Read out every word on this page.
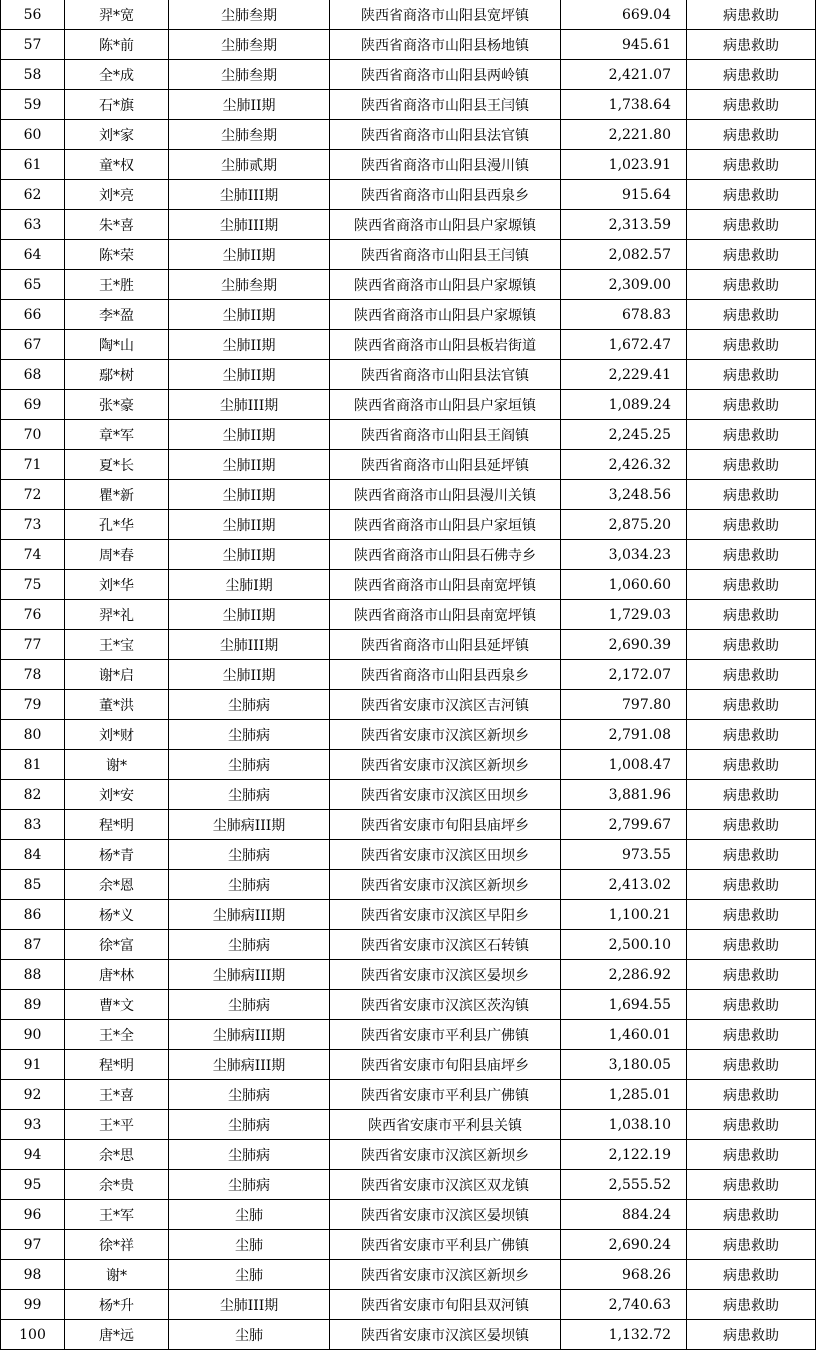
56	羿*宽	尘肺叁期	陕西省商洛市山阳县宽坪镇	669.04	病患救助
57	陈*前	尘肺叁期	陕西省商洛市山阳县杨地镇	945.61	病患救助
58	全*成	尘肺叁期	陕西省商洛市山阳县两岭镇	2,421.07	病患救助
59	石*旗	尘肺II期	陕西省商洛市山阳县王闫镇	1,738.64	病患救助
60	刘*家	尘肺叁期	陕西省商洛市山阳县法官镇	2,221.80	病患救助
61	童*权	尘肺贰期	陕西省商洛市山阳县漫川镇	1,023.91	病患救助
62	刘*亮	尘肺III期	陕西省商洛市山阳县西泉乡	915.64	病患救助
63	朱*喜	尘肺III期	陕西省商洛市山阳县户家塬镇	2,313.59	病患救助
64	陈*荣	尘肺II期	陕西省商洛市山阳县王闫镇	2,082.57	病患救助
65	王*胜	尘肺叁期	陕西省商洛市山阳县户家塬镇	2,309.00	病患救助
66	李*盈	尘肺II期	陕西省商洛市山阳县户家塬镇	678.83	病患救助
67	陶*山	尘肺II期	陕西省商洛市山阳县板岩街道	1,672.47	病患救助
68	鄢*树	尘肺II期	陕西省商洛市山阳县法官镇	2,229.41	病患救助
69	张*豪	尘肺III期	陕西省商洛市山阳县户家垣镇	1,089.24	病患救助
70	章*军	尘肺II期	陕西省商洛市山阳县王阎镇	2,245.25	病患救助
71	夏*长	尘肺II期	陕西省商洛市山阳县延坪镇	2,426.32	病患救助
72	瞿*新	尘肺II期	陕西省商洛市山阳县漫川关镇	3,248.56	病患救助
73	孔*华	尘肺II期	陕西省商洛市山阳县户家垣镇	2,875.20	病患救助
74	周*春	尘肺II期	陕西省商洛市山阳县石佛寺乡	3,034.23	病患救助
75	刘*华	尘肺I期	陕西省商洛市山阳县南宽坪镇	1,060.60	病患救助
76	羿*礼	尘肺II期	陕西省商洛市山阳县南宽坪镇	1,729.03	病患救助
77	王*宝	尘肺III期	陕西省商洛市山阳县延坪镇	2,690.39	病患救助
78	谢*启	尘肺II期	陕西省商洛市山阳县西泉乡	2,172.07	病患救助
79	董*洪	尘肺病	陕西省安康市汉滨区吉河镇	797.80	病患救助
80	刘*财	尘肺病	陕西省安康市汉滨区新坝乡	2,791.08	病患救助
81	谢*	尘肺病	陕西省安康市汉滨区新坝乡	1,008.47	病患救助
82	刘*安	尘肺病	陕西省安康市汉滨区田坝乡	3,881.96	病患救助
83	程*明	尘肺病III期	陕西省安康市旬阳县庙坪乡	2,799.67	病患救助
84	杨*青	尘肺病	陕西省安康市汉滨区田坝乡	973.55	病患救助
85	余*恩	尘肺病	陕西省安康市汉滨区新坝乡	2,413.02	病患救助
86	杨*义	尘肺病III期	陕西省安康市汉滨区早阳乡	1,100.21	病患救助
87	徐*富	尘肺病	陕西省安康市汉滨区石转镇	2,500.10	病患救助
88	唐*林	尘肺病III期	陕西省安康市汉滨区晏坝乡	2,286.92	病患救助
89	曹*文	尘肺病	陕西省安康市汉滨区茨沟镇	1,694.55	病患救助
90	王*全	尘肺病III期	陕西省安康市平利县广佛镇	1,460.01	病患救助
91	程*明	尘肺病III期	陕西省安康市旬阳县庙坪乡	3,180.05	病患救助
92	王*喜	尘肺病	陕西省安康市平利县广佛镇	1,285.01	病患救助
93	王*平	尘肺病	陕西省安康市平利县关镇	1,038.10	病患救助
94	余*思	尘肺病	陕西省安康市汉滨区新坝乡	2,122.19	病患救助
95	余*贵	尘肺病	陕西省安康市汉滨区双龙镇	2,555.52	病患救助
96	王*军	尘肺	陕西省安康市汉滨区晏坝镇	884.24	病患救助
97	徐*祥	尘肺	陕西省安康市平利县广佛镇	2,690.24	病患救助
98	谢*	尘肺	陕西省安康市汉滨区新坝乡	968.26	病患救助
99	杨*升	尘肺III期	陕西省安康市旬阳县双河镇	2,740.63	病患救助
100	唐*远	尘肺	陕西省安康市汉滨区晏坝镇	1,132.72	病患救助
